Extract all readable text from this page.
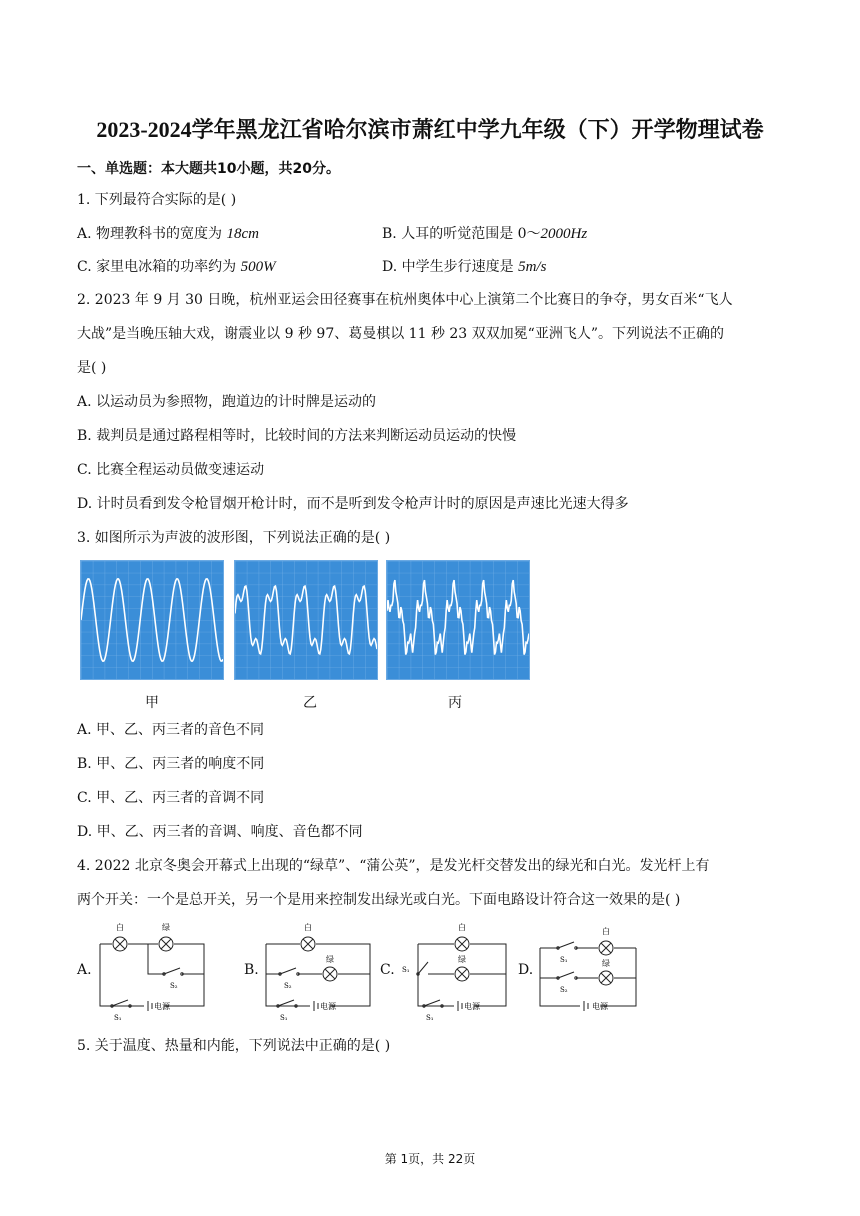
2023-2024学年黑龙江省哈尔滨市萧红中学九年级（下）开学物理试卷
一、单选题：本大题共10小题，共20分。
1. 下列最符合实际的是( )
A. 物理教科书的宽度为 18cm	B. 人耳的听觉范围是 0～2000Hz
C. 家里电冰箱的功率约为 500W	D. 中学生步行速度是 5m/s
2. 2023 年 9 月 30 日晚，杭州亚运会田径赛事在杭州奥体中心上演第二个比赛日的争夺，男女百米“飞人
大战”是当晚压轴大戏，谢震业以 9 秒 97、葛曼棋以 11 秒 23 双双加冕“亚洲飞人”。下列说法不正确的
是( )
A. 以运动员为参照物，跑道边的计时牌是运动的
B. 裁判员是通过路程相等时，比较时间的方法来判断运动员运动的快慢
C. 比赛全程运动员做变速运动
D. 计时员看到发令枪冒烟开枪计时，而不是听到发令枪声计时的原因是声速比光速大得多
3. 如图所示为声波的波形图，下列说法正确的是( )
甲	乙	丙
A. 甲、乙、丙三者的音色不同
B. 甲、乙、丙三者的响度不同
C. 甲、乙、丙三者的音调不同
D. 甲、乙、丙三者的音调、响度、音色都不同
4. 2022 北京冬奥会开幕式上出现的“绿草”、“蒲公英”，是发光杆交替发出的绿光和白光。发光杆上有
两个开关：一个是总开关，另一个是用来控制发出绿光或白光。下面电路设计符合这一效果的是( )
A.	B.	C.	D.
白	绿
S₂
S₁
电源
白
绿
S₂
S₁
电源
白
绿
S₁
S₁
电源
白
绿
S₁
S₂
电源
5. 关于温度、热量和内能，下列说法中正确的是( )
第 1页，共 22页
